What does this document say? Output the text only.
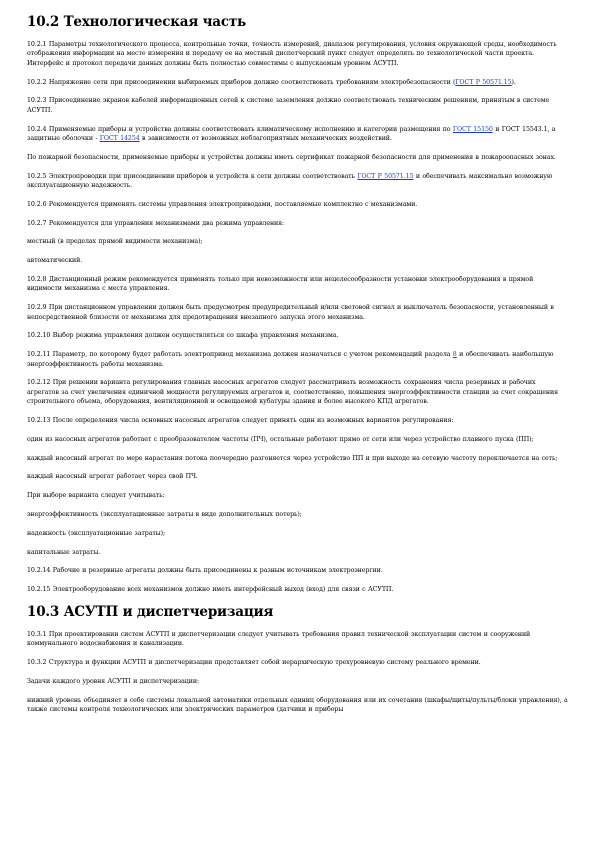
10.2 Технологическая часть

10.2.1 Параметры технологического процесса, контрольные точки, точность измерений, диапазон регулирования, условия окружающей среды, необходимость отображения информации на месте измерения и передачу ее на местный диспетчерский пункт следует определять по технологической части проекта. Интерфейс и протокол передачи данных должны быть полностью совместимы с выпускаемым уровнем АСУТП.

10.2.2 Напряжение сети при присоединении выбираемых приборов должно соответствовать требованиям электробезопасности (ГОСТ Р 50571.15).

10.2.3 Присоединение экранов кабелей информационных сетей к системе заземления должно соответствовать техническим решениям, принятым в системе АСУТП.

10.2.4 Применяемые приборы и устройства должны соответствовать климатическому исполнению и категории размещения по ГОСТ 15150 и ГОСТ 15543.1, а защитные оболочки - ГОСТ 14254 в зависимости от возможных неблагоприятных механических воздействий.

По пожарной безопасности, применяемые приборы и устройства должны иметь сертификат пожарной безопасности для применения в пожароопасных зонах.

10.2.5 Электропроводки при присоединении приборов и устройств к сети должны соответствовать ГОСТ Р 50571.15 и обеспечивать максимально возможную эксплуатационную надежность.

10.2.6 Рекомендуется применять системы управления электроприводами, поставляемые комплектно с механизмами.

10.2.7 Рекомендуется для управления механизмами два режима управления:

местный (в пределах прямой видимости механизма);

автоматический.

10.2.8 Дистанционный режим рекомендуется применять только при невозможности или нецелесообразности установки электрооборудования в прямой видимости механизма с места управления.

10.2.9 При дистанционном управлении должен быть предусмотрен предупредительный и/или световой сигнал и выключатель безопасности, установленный в непосредственной близости от механизма для предотвращения внезапного запуска этого механизма.

10.2.10 Выбор режима управления должен осуществляться со шкафа управления механизма.

10.2.11 Параметр, по которому будет работать электропривод механизма должен назначаться с учетом рекомендаций раздела 8 и обеспечивать наибольшую энергоэффективность работы механизма.

10.2.12 При решении варианта регулирования главных насосных агрегатов следует рассматривать возможность сохранения числа резервных и рабочих агрегатов за счет увеличения единичной мощности регулируемых агрегатов и, соответственно, повышения энергоэффективности станции за счет сокращения строительного объема, оборудования, вентиляционной и освещаемой кубатуры здания и более высокого КПД агрегатов.

10.2.13 После определения числа основных насосных агрегатов следует принять один из возможных вариантов регулирования:

один из насосных агрегатов работает с преобразователем частоты (ПЧ), остальные работают прямо от сети или через устройство плавного пуска (ПП);

каждый насосный агрегат по мере нарастания потока поочередно разгоняется через устройство ПП и при выходе на сетевую частоту переключается на сеть;

каждый насосный агрегат работает через свой ПЧ.

При выборе варианта следует учитывать:

энергоэффективность (эксплуатационные затраты в виде дополнительных потерь);

надежность (эксплуатационные затраты);

капитальные затраты.

10.2.14 Рабочие и резервные агрегаты должны быть присоединены к разным источникам электроэнергии.

10.2.15 Электрооборудование всех механизмов должно иметь интерфейсный выход (вход) для связи с АСУТП.

10.3 АСУТП и диспетчеризация

10.3.1 При проектировании систем АСУТП и диспетчеризации следует учитывать требования правил технической эксплуатации систем и сооружений коммунального водоснабжения и канализации.

10.3.2 Структура и функции АСУТП и диспетчеризации представляет собой иерархическую трехуровневую систему реального времени.

Задачи каждого уровня АСУТП и диспетчеризации:

нижний уровень объединяет в себе системы локальной автоматики отдельных единиц оборудования или их сочетания (шкафы/щиты/пульты/блоки управления), а также системы контроля технологических или электрических параметров (датчики и приборы
